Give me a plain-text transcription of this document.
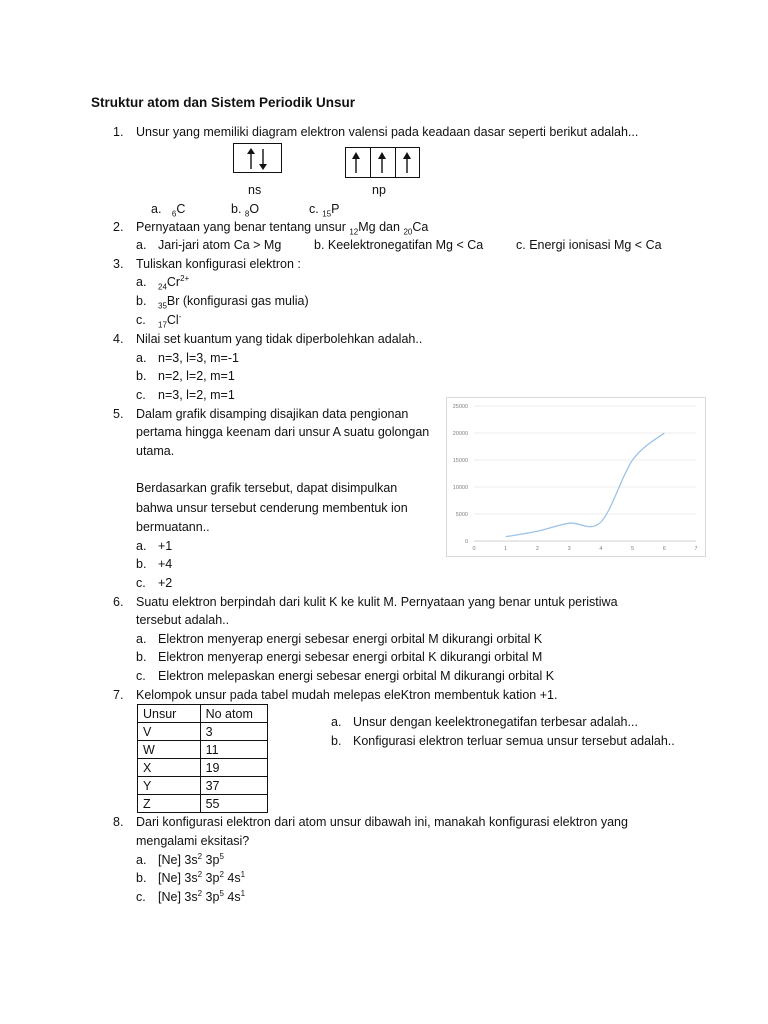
Struktur atom dan Sistem Periodik Unsur
1. Unsur yang memiliki diagram elektron valensi pada keadaan dasar seperti berikut adalah...
ns	np
a. $_6$C	b. $_8$O	c. $_{15}$P
2. Pernyataan yang benar tentang unsur $_{12}$Mg dan $_{20}$Ca
a. Jari-jari atom Ca > Mg	b. Keelektronegatifan Mg < Ca	c. Energi ionisasi Mg < Ca
3. Tuliskan konfigurasi elektron :
a. $_{24}Cr^{2+}$
b. $_{35}$Br (konfigurasi gas mulia)
c. $_{17}$Cl-
4. Nilai set kuantum yang tidak diperbolehkan adalah..
a. n=3, l=3, m=-1
b. n=2, l=2, m=1
c. n=3, l=2, m=1
5. Dalam grafik disamping disajikan data pengionan
pertama hingga keenam dari unsur A suatu golongan
utama.
Berdasarkan grafik tersebut, dapat disimpulkan
bahwa unsur tersebut cenderung membentuk ion
bermuatann..
a. +1
b. +4
c. +2
0
5000
10000
15000
20000
25000
0	1	2	3	4	5	6	7
6. Suatu elektron berpindah dari kulit K ke kulit M. Pernyataan yang benar untuk peristiwa
tersebut adalah..
a. Elektron menyerap energi sebesar energi orbital M dikurangi orbital K
b. Elektron menyerap energi sebesar energi orbital K dikurangi orbital M
c. Elektron melepaskan energi sebesar energi orbital M dikurangi orbital K
7. Kelompok unsur pada tabel mudah melepas eleKtron membentuk kation +1.
Unsur	No atom
V	3
W	11
X	19
Y	37
Z	55
a. Unsur dengan keelektronegatifan terbesar adalah...
b. Konfigurasi elektron terluar semua unsur tersebut adalah..
8. Dari konfigurasi elektron dari atom unsur dibawah ini, manakah konfigurasi elektron yang
mengalami eksitasi?
a. [Ne] $3s^2$ $3p^5$
b. [Ne] $3s^2$ $3p^2$ $4s^1$
c. [Ne] $3s^2$ $3p^5$ $4s^1$
